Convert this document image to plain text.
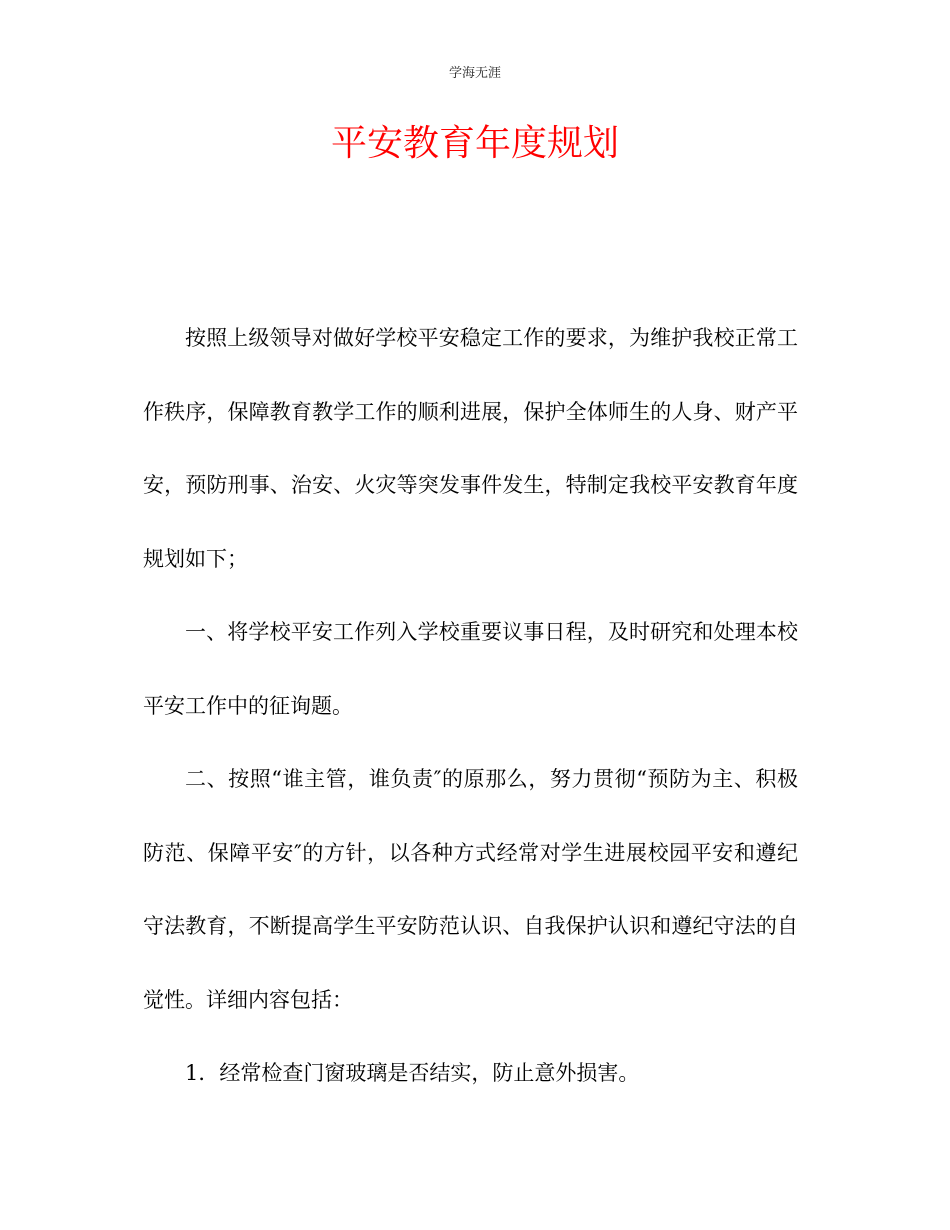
学海无涯
平安教育年度规划

按照上级领导对做好学校平安稳定工作的要求，为维护我校正常工作秩序，保障教育教学工作的顺利进展，保护全体师生的人身、财产平安，预防刑事、治安、火灾等突发事件发生，特制定我校平安教育年度规划如下；

一、将学校平安工作列入学校重要议事日程，及时研究和处理本校平安工作中的征询题。

二、按照“谁主管，谁负责″的原那么，努力贯彻“预防为主、积极防范、保障平安″的方针，以各种方式经常对学生进展校园平安和遵纪守法教育，不断提高学生平安防范认识、自我保护认识和遵纪守法的自觉性。详细内容包括：

1．经常检查门窗玻璃是否结实，防止意外损害。
